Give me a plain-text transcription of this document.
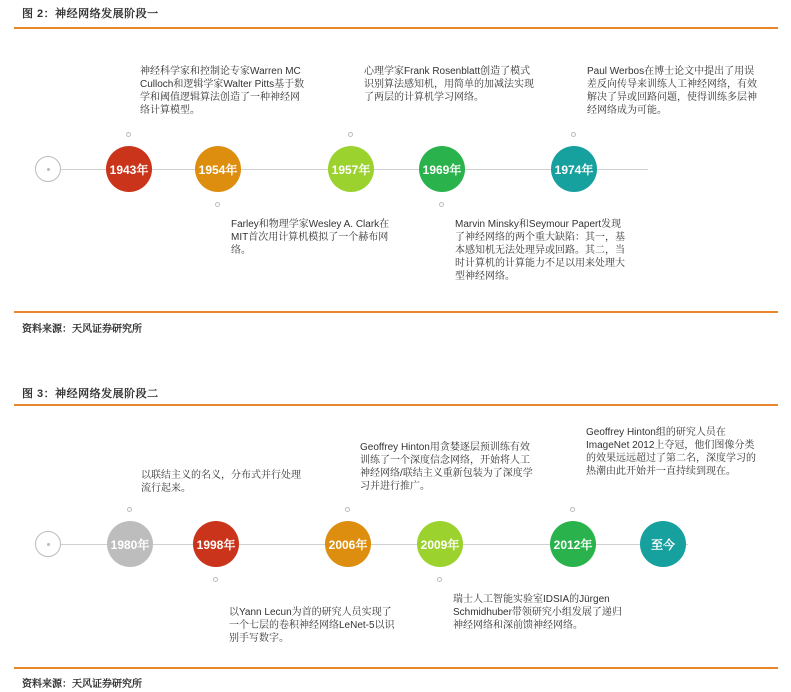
图 2：神经网络发展阶段一
神经科学家和控制论专家Warren MC Culloch和逻辑学家Walter Pitts基于数学和阈值逻辑算法创造了一种神经网络计算模型。
心理学家Frank Rosenblatt创造了模式识别算法感知机，用简单的加减法实现了两层的计算机学习网络。
Paul Werbos在博士论文中提出了用误差反向传导来训练人工神经网络，有效解决了异或回路问题，使得训练多层神经网络成为可能。
1943年	1954年	1957年	1969年	1974年
Farley和物理学家Wesley A. Clark在MIT首次用计算机模拟了一个赫布网络。
Marvin Minsky和Seymour Papert发现了神经网络的两个重大缺陷：其一，基本感知机无法处理异或回路。其二，当时计算机的计算能力不足以用来处理大型神经网络。
资料来源：天风证券研究所
图 3：神经网络发展阶段二
Geoffrey Hinton组的研究人员在ImageNet 2012上夺冠，他们图像分类的效果远远超过了第二名，深度学习的热潮由此开始并一直持续到现在。
Geoffrey Hinton用贪婪逐层预训练有效训练了一个深度信念网络，开始将人工神经网络/联结主义重新包装为了深度学习并进行推广。
以联结主义的名义，分布式并行处理流行起来。
1980年	1998年	2006年	2009年	2012年	至今
以Yann Lecun为首的研究人员实现了一个七层的卷积神经网络LeNet-5以识别手写数字。
瑞士人工智能实验室IDSIA的Jürgen Schmidhuber带领研究小组发展了递归神经网络和深前馈神经网络。
资料来源：天风证券研究所
